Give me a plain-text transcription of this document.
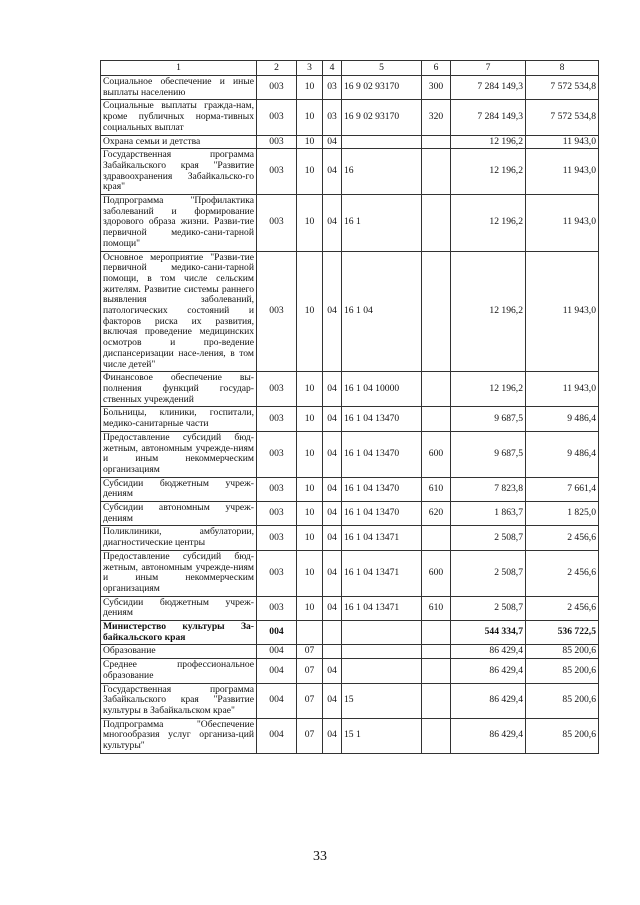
1	2	3	4	5	6	7	8
Социальное обеспечение и иные выплаты населению	003	10	03	16 9 02 93170	300	7 284 149,3	7 572 534,8
Социальные выплаты гражда-нам, кроме публичных норма-тивных социальных выплат	003	10	03	16 9 02 93170	320	7 284 149,3	7 572 534,8
Охрана семьи и детства	003	10	04			12 196,2	11 943,0
Государственная программа Забайкальского края "Развитие здравоохранения Забайкальско-го края"	003	10	04	16		12 196,2	11 943,0
Подпрограмма "Профилактика заболеваний и формирование здорового образа жизни. Разви-тие первичной медико-сани-тарной помощи"	003	10	04	16 1		12 196,2	11 943,0
Основное мероприятие "Разви-тие первичной медико-сани-тарной помощи, в том числе сельским жителям. Развитие системы раннего выявления заболеваний, патологических состояний и факторов риска их развития, включая проведение медицинских осмотров и про-ведение диспансеризации насе-ления, в том числе детей"	003	10	04	16 1 04		12 196,2	11 943,0
Финансовое обеспечение вы-полнения функций государ-ственных учреждений	003	10	04	16 1 04 10000		12 196,2	11 943,0
Больницы, клиники, госпитали, медико-санитарные части	003	10	04	16 1 04 13470		9 687,5	9 486,4
Предоставление субсидий бюд-жетным, автономным учрежде-ниям и иным некоммерческим организациям	003	10	04	16 1 04 13470	600	9 687,5	9 486,4
Субсидии бюджетным учреж-дениям	003	10	04	16 1 04 13470	610	7 823,8	7 661,4
Субсидии автономным учреж-дениям	003	10	04	16 1 04 13470	620	1 863,7	1 825,0
Поликлиники, амбулатории, диагностические центры	003	10	04	16 1 04 13471		2 508,7	2 456,6
Предоставление субсидий бюд-жетным, автономным учрежде-ниям и иным некоммерческим организациям	003	10	04	16 1 04 13471	600	2 508,7	2 456,6
Субсидии бюджетным учреж-дениям	003	10	04	16 1 04 13471	610	2 508,7	2 456,6
Министерство культуры За-байкальского края	004					544 334,7	536 722,5
Образование	004	07				86 429,4	85 200,6
Среднее профессиональное образование	004	07	04			86 429,4	85 200,6
Государственная программа Забайкальского края "Развитие культуры в Забайкальском крае"	004	07	04	15		86 429,4	85 200,6
Подпрограмма "Обеспечение многообразия услуг организа-ций культуры"	004	07	04	15 1		86 429,4	85 200,6
33
